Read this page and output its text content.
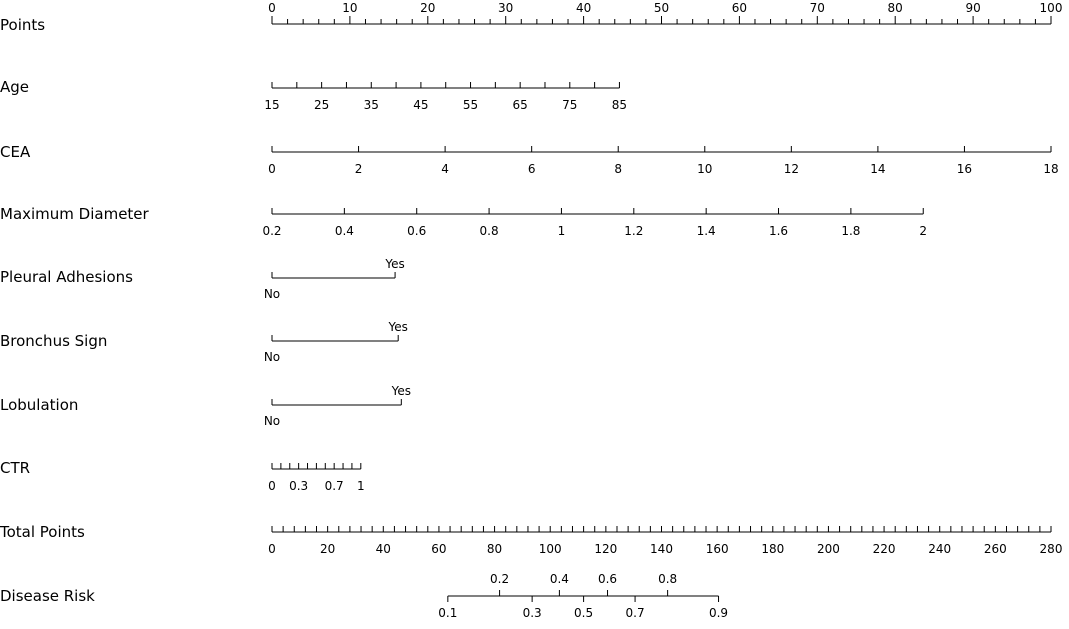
Points
0	10	20	30	40	50	60	70	80	90	100
Age
15	25	35	45	55	65	75	85
CEA
0	2	4	6	8	10	12	14	16	18
Maximum Diameter
0.2	0.4	0.6	0.8	1	1.2	1.4	1.6	1.8	2
Pleural Adhesions
No
Yes
Bronchus Sign
No
Yes
Lobulation
No
Yes
CTR
0 0.3 0.7 1
Total Points
0	20	40	60	80	100	120	140	160	180	200	220	240	260	280
Disease Risk
0.1
0.2
0.3
0.4
0.5
0.6
0.7
0.8
0.9
